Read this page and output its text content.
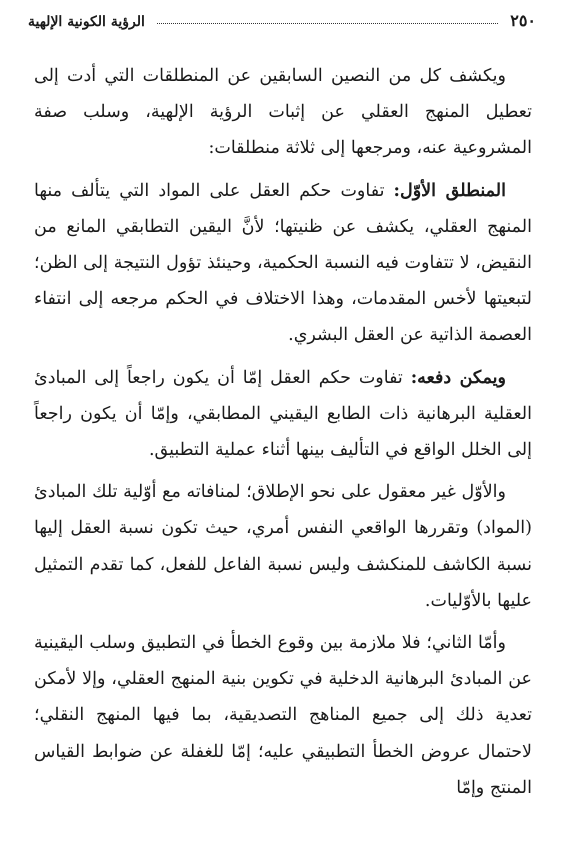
٢٥٠
الرؤية الكونية الإلهية

ويكشف كل من النصين السابقين عن المنطلقات التي أدت إلى تعطيل المنهج العقلي عن إثبات الرؤية الإلهية، وسلب صفة المشروعية عنه، ومرجعها إلى ثلاثة منطلقات:

المنطلق الأوّل: تفاوت حكم العقل على المواد التي يتألف منها المنهج العقلي، يكشف عن ظنيتها؛ لأنَّ اليقين التطابقي المانع من النقيض، لا تتفاوت فيه النسبة الحكمية، وحينئذ تؤول النتيجة إلى الظن؛ لتبعيتها لأخس المقدمات، وهذا الاختلاف في الحكم مرجعه إلى انتفاء العصمة الذاتية عن العقل البشري.

ويمكن دفعه: تفاوت حكم العقل إمّا أن يكون راجعاً إلى المبادئ العقلية البرهانية ذات الطابع اليقيني المطابقي، وإمّا أن يكون راجعاً إلى الخلل الواقع في التأليف بينها أثناء عملية التطبيق.

والأوّل غير معقول على نحو الإطلاق؛ لمنافاته مع أوّلية تلك المبادئ (المواد) وتقررها الواقعي النفس أمري، حيث تكون نسبة العقل إليها نسبة الكاشف للمنكشف وليس نسبة الفاعل للفعل، كما تقدم التمثيل عليها بالأوّليات.

وأمّا الثاني؛ فلا ملازمة بين وقوع الخطأ في التطبيق وسلب اليقينية عن المبادئ البرهانية الدخلية في تكوين بنية المنهج العقلي، وإلا لأمكن تعدية ذلك إلى جميع المناهج التصديقية، بما فيها المنهج النقلي؛ لاحتمال عروض الخطأ التطبيقي عليه؛ إمّا للغفلة عن ضوابط القياس المنتج وإمّا
